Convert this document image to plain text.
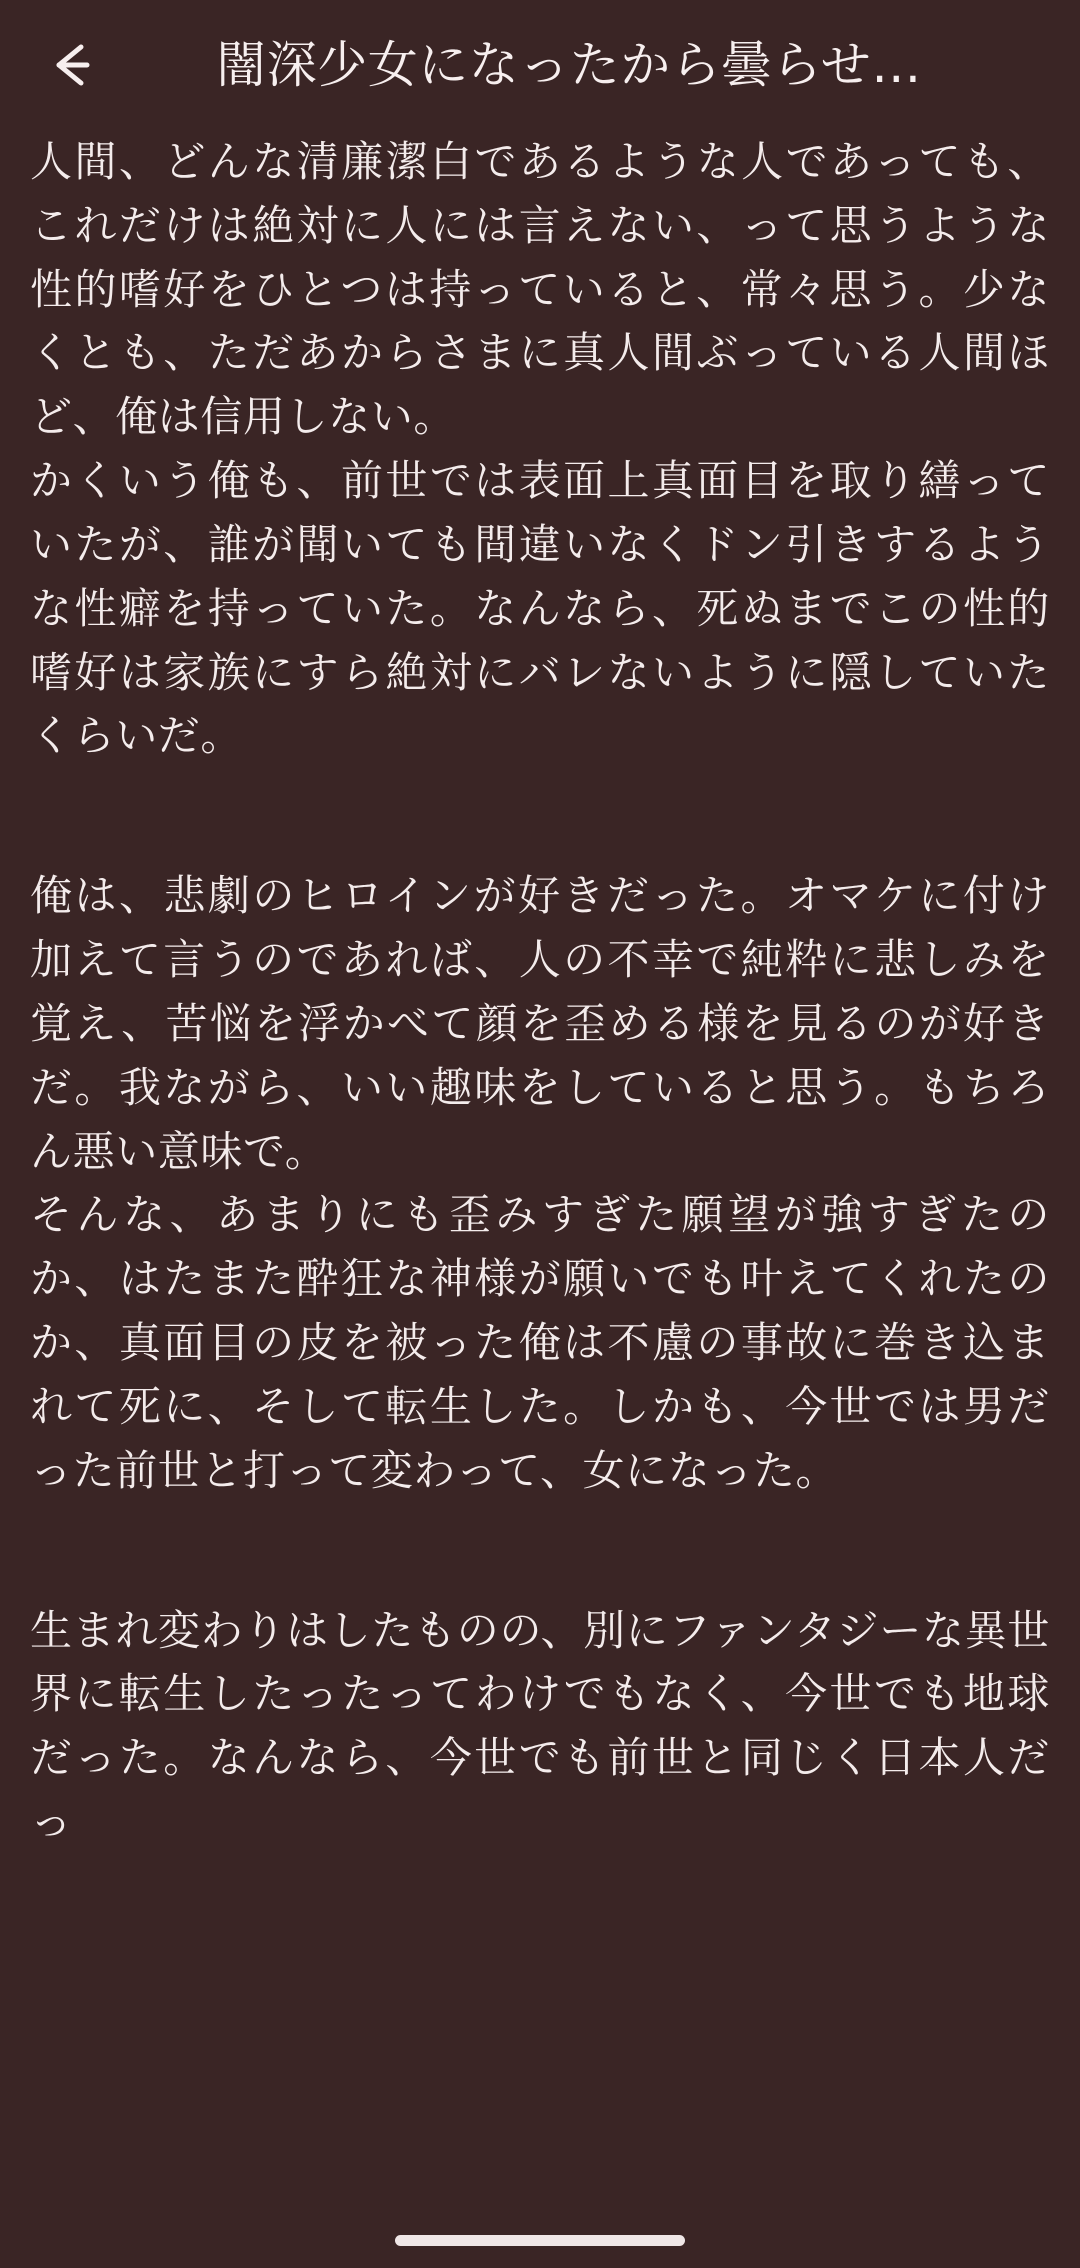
闇深少女になったから曇らせ…

人間、どんな清廉潔白であるような人であっても、これだけは絶対に人には言えない、って思うような性的嗜好をひとつは持っていると、常々思う。少なくとも、ただあからさまに真人間ぶっている人間ほど、俺は信用しない。

かくいう俺も、前世では表面上真面目を取り繕っていたが、誰が聞いても間違いなくドン引きするような性癖を持っていた。なんなら、死ぬまでこの性的嗜好は家族にすら絶対にバレないように隠していたくらいだ。

俺は、悲劇のヒロインが好きだった。オマケに付け加えて言うのであれば、人の不幸で純粋に悲しみを覚え、苦悩を浮かべて顔を歪める様を見るのが好きだ。我ながら、いい趣味をしていると思う。もちろん悪い意味で。

そんな、あまりにも歪みすぎた願望が強すぎたのか、はたまた酔狂な神様が願いでも叶えてくれたのか、真面目の皮を被った俺は不慮の事故に巻き込まれて死に、そして転生した。しかも、今世では男だった前世と打って変わって、女になった。

生まれ変わりはしたものの、別にファンタジーな異世界に転生したったってわけでもなく、今世でも地球だった。なんなら、今世でも前世と同じく日本人だっ
